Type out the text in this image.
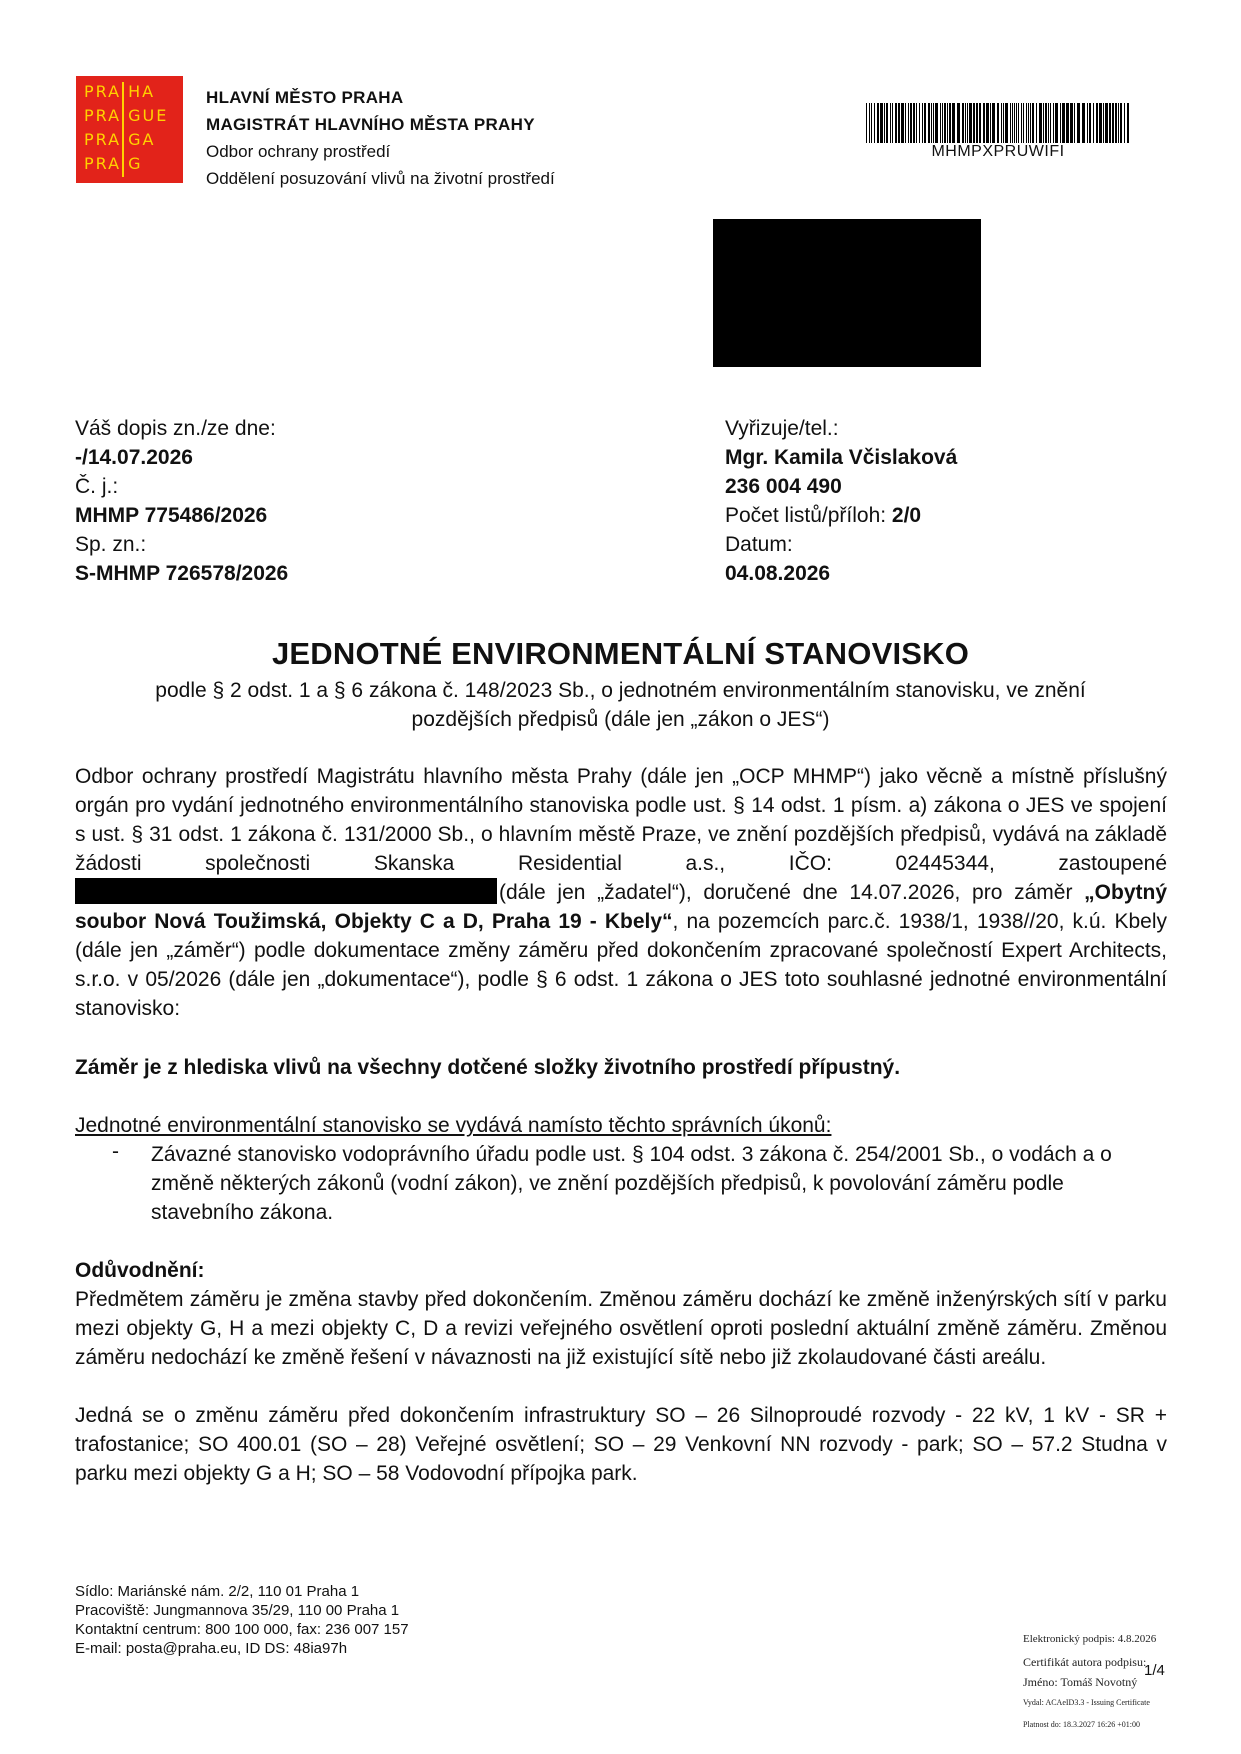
PRA HA
PRA GUE
PRA GA
PRA G
HLAVNÍ MĚSTO PRAHA
MAGISTRÁT HLAVNÍHO MĚSTA PRAHY
Odbor ochrany prostředí
Oddělení posuzování vlivů na životní prostředí
MHMPXPRUWIFI
Váš dopis zn./ze dne:
-/14.07.2026
Č. j.:
MHMP 775486/2026
Sp. zn.:
S-MHMP 726578/2026
Vyřizuje/tel.:
Mgr. Kamila Včislaková
236 004 490
Počet listů/příloh: 2/0
Datum:
04.08.2026
JEDNOTNÉ ENVIRONMENTÁLNÍ STANOVISKO
podle § 2 odst. 1 a § 6 zákona č. 148/2023 Sb., o jednotném environmentálním stanovisku, ve znění
pozdějších předpisů (dále jen „zákon o JES“)
Odbor ochrany prostředí Magistrátu hlavního města Prahy (dále jen „OCP MHMP“) jako věcně a místně příslušný orgán pro vydání jednotného environmentálního stanoviska podle ust. § 14 odst. 1 písm. a) zákona o JES ve spojení s ust. § 31 odst. 1 zákona č. 131/2000 Sb., o hlavním městě Praze, ve znění pozdějších předpisů, vydává na základě žádosti společnosti Skanska Residential a.s., IČO: 02445344, zastoupené (dále jen „žadatel“), doručené dne 14.07.2026, pro záměr „Obytný soubor Nová Toužimská, Objekty C a D, Praha 19 - Kbely“, na pozemcích parc.č. 1938/1, 1938//20, k.ú. Kbely (dále jen „záměr“) podle dokumentace změny záměru před dokončením zpracované společností Expert Architects, s.r.o. v 05/2026 (dále jen „dokumentace“), podle § 6 odst. 1 zákona o JES toto souhlasné jednotné environmentální stanovisko:
Záměr je z hlediska vlivů na všechny dotčené složky životního prostředí přípustný.
Jednotné environmentální stanovisko se vydává namísto těchto správních úkonů:
- Závazné stanovisko vodoprávního úřadu podle ust. § 104 odst. 3 zákona č. 254/2001 Sb., o vodách a o změně některých zákonů (vodní zákon), ve znění pozdějších předpisů, k povolování záměru podle stavebního zákona.
Odůvodnění:
Předmětem záměru je změna stavby před dokončením. Změnou záměru dochází ke změně inženýrských sítí v parku mezi objekty G, H a mezi objekty C, D a revizi veřejného osvětlení oproti poslední aktuální změně záměru. Změnou záměru nedochází ke změně řešení v návaznosti na již existující sítě nebo již zkolaudované části areálu.
Jedná se o změnu záměru před dokončením infrastruktury SO – 26 Silnoproudé rozvody - 22 kV, 1 kV - SR + trafostanice; SO 400.01 (SO – 28) Veřejné osvětlení; SO – 29 Venkovní NN rozvody - park; SO – 57.2 Studna v parku mezi objekty G a H; SO – 58 Vodovodní přípojka park.
Sídlo: Mariánské nám. 2/2, 110 01 Praha 1
Pracoviště: Jungmannova 35/29, 110 00 Praha 1
Kontaktní centrum: 800 100 000, fax: 236 007 157
E-mail: posta@praha.eu, ID DS: 48ia97h
Elektronický podpis: 4.8.2026
Certifikát autora podpisu:
Jméno: Tomáš Novotný
Vydal: ACAeID3.3 - Issuing Certificate
Platnost do: 18.3.2027 16:26 +01:00
1/4
